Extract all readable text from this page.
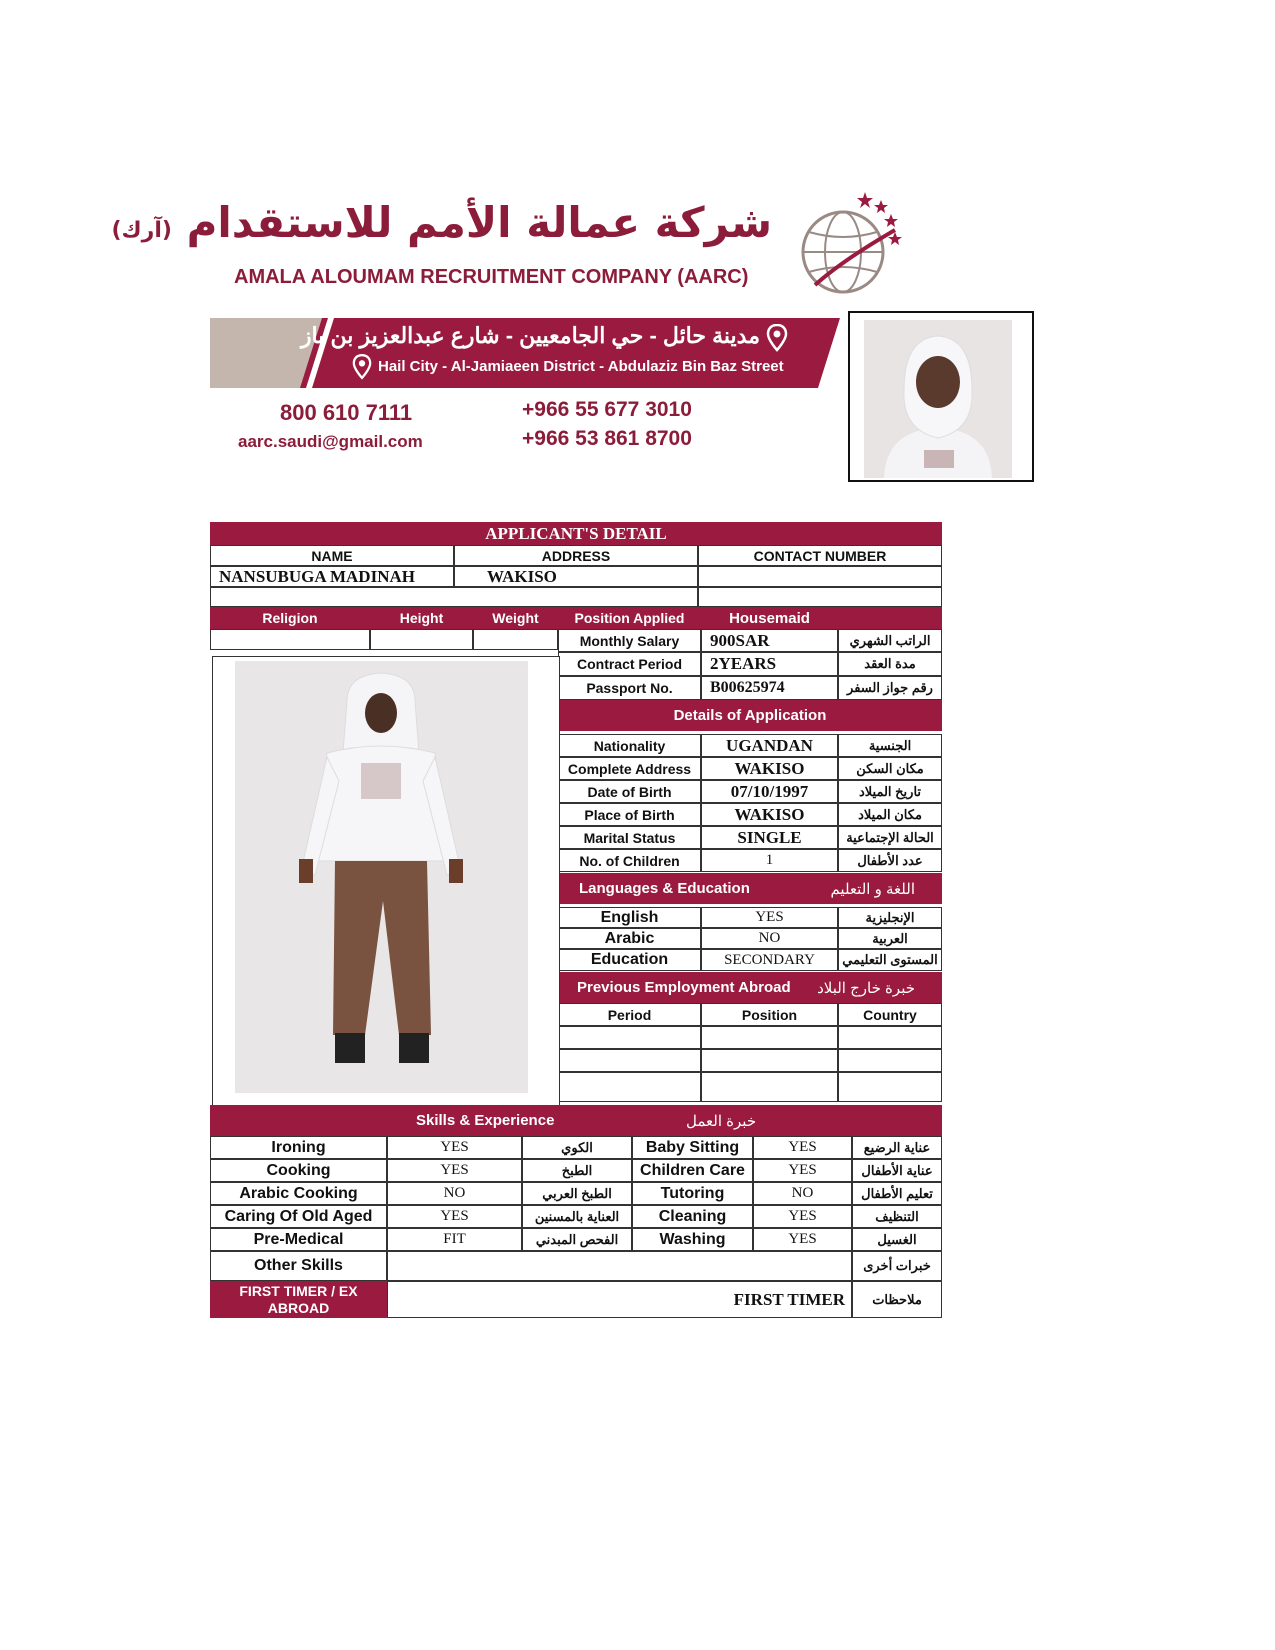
شركة عمالة الأمم للاستقدام (آرك)
AMALA ALOUMAM RECRUITMENT COMPANY (AARC)
مدينة حائل - حي الجامعيين - شارع عبدالعزيز بن باز
Hail City - Al-Jamiaeen District - Abdulaziz Bin Baz Street
800 610 7111
aarc.saudi@gmail.com
+966 55 677 3010
+966 53 861 8700
APPLICANT'S DETAIL
NAME	ADDRESS	CONTACT NUMBER
NANSUBUGA MADINAH	WAKISO
Religion	Height	Weight	Position Applied	Housemaid
Monthly Salary	900SAR	الراتب الشهري
Contract Period	2YEARS	مدة العقد
Passport No.	B00625974	رقم جواز السفر
Details of Application
Nationality	UGANDAN	الجنسية
Complete Address	WAKISO	مكان السكن
Date of Birth	07/10/1997	تاريخ الميلاد
Place of Birth	WAKISO	مكان الميلاد
Marital Status	SINGLE	الحالة الإجتماعية
No. of Children	1	عدد الأطفال
Languages & Education	اللغة و التعليم
English	YES	الإنجليزية
Arabic	NO	العربية
Education	SECONDARY	المستوى التعليمي
Previous Employment Abroad خبرة خارج البلاد
Period	Position	Country
Skills & Experience	خبرة العمل
Ironing	YES	الكوي	Baby Sitting	YES	عناية الرضيع
Cooking	YES	الطبخ	Children Care	YES	عناية الأطفال
Arabic Cooking	NO	الطبخ العربي	Tutoring	NO	تعليم الأطفال
Caring Of Old Aged	YES	العناية بالمسنين	Cleaning	YES	التنظيف
Pre-Medical	FIT	الفحص المبدني	Washing	YES	الغسيل
Other Skills	خبرات أخرى
FIRST TIMER / EX ABROAD	FIRST TIMER	ملاحظات
